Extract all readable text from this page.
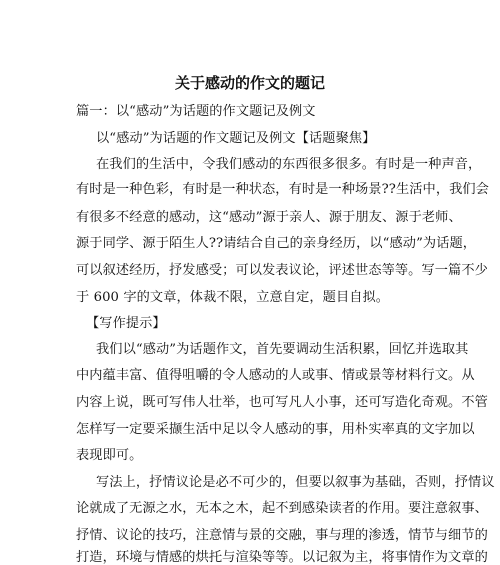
关于感动的作文的题记
篇一：以“感动”为话题的作文题记及例文
以“感动”为话题的作文题记及例文【话题聚焦】
在我们的生活中，令我们感动的东西很多很多。有时是一种声音，
有时是一种色彩，有时是一种状态，有时是一种场景??生活中，我们会
有很多不经意的感动，这“感动”源于亲人、源于朋友、源于老师、
源于同学、源于陌生人??请结合自己的亲身经历，以“感动”为话题，
可以叙述经历，抒发感受；可以发表议论，评述世态等等。写一篇不少
于 600 字的文章，体裁不限，立意自定，题目自拟。
【写作提示】
我们以“感动”为话题作文，首先要调动生活积累，回忆并选取其
中内蕴丰富、值得咀嚼的令人感动的人或事、情或景等材料行文。从
内容上说，既可写伟人壮举，也可写凡人小事，还可写造化奇观。不管
怎样写一定要采撷生活中足以令人感动的事，用朴实率真的文字加以
表现即可。
写法上，抒情议论是必不可少的，但要以叙事为基础，否则，抒情议
论就成了无源之水，无本之木，起不到感染读者的作用。要注意叙事、
抒情、议论的技巧，注意情与景的交融，事与理的渗透，情节与细节的
打造，环境与情感的烘托与渲染等等。以记叙为主，将事情作为文章的
